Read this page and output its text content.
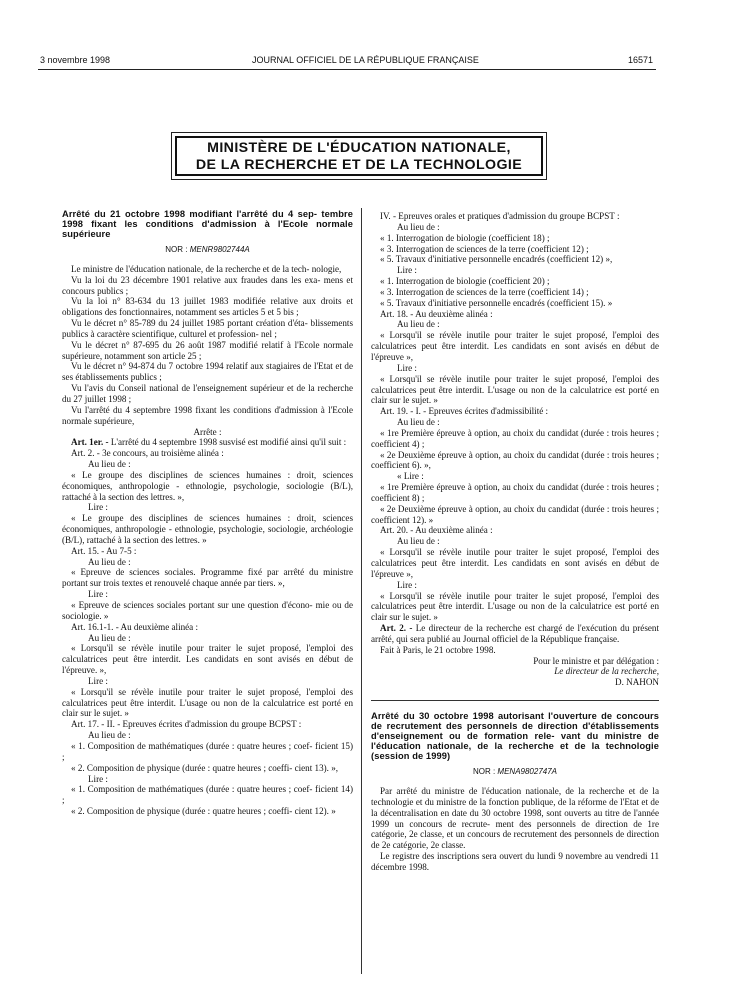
3 novembre 1998	JOURNAL OFFICIEL DE LA RÉPUBLIQUE FRANÇAISE	16571
MINISTÈRE DE L'ÉDUCATION NATIONALE,
DE LA RECHERCHE ET DE LA TECHNOLOGIE

Arrêté du 21 octobre 1998 modifiant l'arrêté du 4 sep- tembre 1998 fixant les conditions d'admission à l'Ecole normale supérieure

NOR : MENR9802744A

Le ministre de l'éducation nationale, de la recherche et de la tech- nologie,

Vu la loi du 23 décembre 1901 relative aux fraudes dans les exa- mens et concours publics ;

Vu la loi n° 83-634 du 13 juillet 1983 modifiée relative aux droits et obligations des fonctionnaires, notamment ses articles 5 et 5 bis ;

Vu le décret n° 85-789 du 24 juillet 1985 portant création d'éta- blissements publics à caractère scientifique, culturel et profession- nel ;

Vu le décret n° 87-695 du 26 août 1987 modifié relatif à l'Ecole normale supérieure, notamment son article 25 ;

Vu le décret n° 94-874 du 7 octobre 1994 relatif aux stagiaires de l'Etat et de ses établissements publics ;

Vu l'avis du Conseil national de l'enseignement supérieur et de la recherche du 27 juillet 1998 ;

Vu l'arrêté du 4 septembre 1998 fixant les conditions d'admission à l'Ecole normale supérieure,

Arrête :

Art. 1er. - L'arrêté du 4 septembre 1998 susvisé est modifié ainsi qu'il suit :

Art. 2. - 3e concours, au troisième alinéa :

Au lieu de :

« Le groupe des disciplines de sciences humaines : droit, sciences économiques, anthropologie - ethnologie, psychologie, sociologie (B/L), rattaché à la section des lettres. »,

Lire :

« Le groupe des disciplines de sciences humaines : droit, sciences économiques, anthropologie - ethnologie, psychologie, sociologie, archéologie (B/L), rattaché à la section des lettres. »

Art. 15. - Au 7-5 :

Au lieu de :

« Epreuve de sciences sociales. Programme fixé par arrêté du ministre portant sur trois textes et renouvelé chaque année par tiers. »,

Lire :

« Epreuve de sciences sociales portant sur une question d'écono- mie ou de sociologie. »

Art. 16.1-1. - Au deuxième alinéa :

Au lieu de :

« Lorsqu'il se révèle inutile pour traiter le sujet proposé, l'emploi des calculatrices peut être interdit. Les candidats en sont avisés en début de l'épreuve. »,

Lire :

« Lorsqu'il se révèle inutile pour traiter le sujet proposé, l'emploi des calculatrices peut être interdit. L'usage ou non de la calculatrice est porté en clair sur le sujet. »

Art. 17. - II. - Epreuves écrites d'admission du groupe BCPST :

Au lieu de :

« 1. Composition de mathématiques (durée : quatre heures ; coef- ficient 15) ;

« 2. Composition de physique (durée : quatre heures ; coeffi- cient 13). »,

Lire :

« 1. Composition de mathématiques (durée : quatre heures ; coef- ficient 14) ;

« 2. Composition de physique (durée : quatre heures ; coeffi- cient 12). »

IV. - Epreuves orales et pratiques d'admission du groupe BCPST :

Au lieu de :

« 1. Interrogation de biologie (coefficient 18) ;

« 3. Interrogation de sciences de la terre (coefficient 12) ;

« 5. Travaux d'initiative personnelle encadrés (coefficient 12) »,

Lire :

« 1. Interrogation de biologie (coefficient 20) ;

« 3. Interrogation de sciences de la terre (coefficient 14) ;

« 5. Travaux d'initiative personnelle encadrés (coefficient 15). »

Art. 18. - Au deuxième alinéa :

Au lieu de :

« Lorsqu'il se révèle inutile pour traiter le sujet proposé, l'emploi des calculatrices peut être interdit. Les candidats en sont avisés en début de l'épreuve »,

Lire :

« Lorsqu'il se révèle inutile pour traiter le sujet proposé, l'emploi des calculatrices peut être interdit. L'usage ou non de la calculatrice est porté en clair sur le sujet. »

Art. 19. - I. - Epreuves écrites d'admissibilité :

Au lieu de :

« 1re Première épreuve à option, au choix du candidat (durée : trois heures ; coefficient 4) ;

« 2e Deuxième épreuve à option, au choix du candidat (durée : trois heures ; coefficient 6). »,

« Lire :

« 1re Première épreuve à option, au choix du candidat (durée : trois heures ; coefficient 8) ;

« 2e Deuxième épreuve à option, au choix du candidat (durée : trois heures ; coefficient 12). »

Art. 20. - Au deuxième alinéa :

Au lieu de :

« Lorsqu'il se révèle inutile pour traiter le sujet proposé, l'emploi des calculatrices peut être interdit. Les candidats en sont avisés en début de l'épreuve »,

Lire :

« Lorsqu'il se révèle inutile pour traiter le sujet proposé, l'emploi des calculatrices peut être interdit. L'usage ou non de la calculatrice est porté en clair sur le sujet. »

Art. 2. - Le directeur de la recherche est chargé de l'exécution du présent arrêté, qui sera publié au Journal officiel de la République française.

Fait à Paris, le 21 octobre 1998.

Pour le ministre et par délégation :

Le directeur de la recherche,

D. NAHON

Arrêté du 30 octobre 1998 autorisant l'ouverture de concours de recrutement des personnels de direction d'établissements d'enseignement ou de formation rele- vant du ministre de l'éducation nationale, de la recherche et de la technologie (session de 1999)

NOR : MENA9802747A

Par arrêté du ministre de l'éducation nationale, de la recherche et de la technologie et du ministre de la fonction publique, de la réforme de l'Etat et de la décentralisation en date du 30 octobre 1998, sont ouverts au titre de l'année 1999 un concours de recrute- ment des personnels de direction de 1re catégorie, 2e classe, et un concours de recrutement des personnels de direction de 2e catégorie, 2e classe.

Le registre des inscriptions sera ouvert du lundi 9 novembre au vendredi 11 décembre 1998.
